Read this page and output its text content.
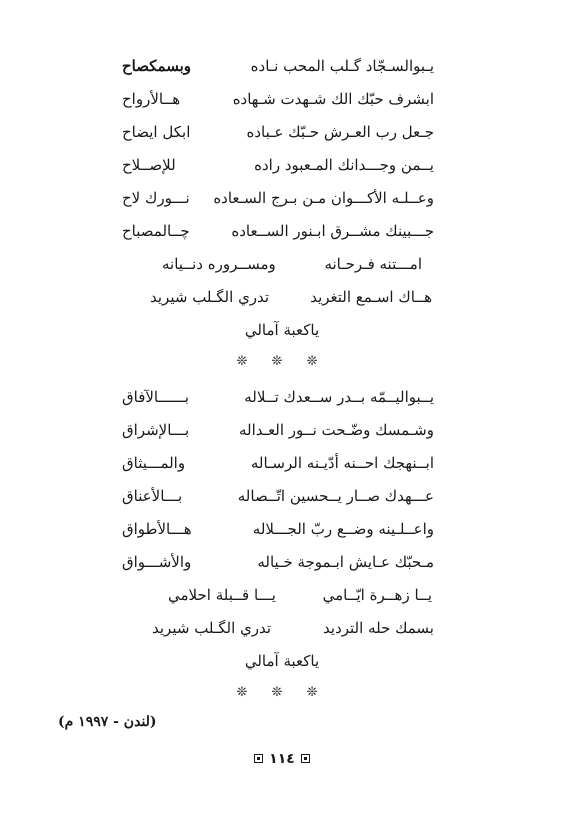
يـبوالسـجّاد گـلب المحب نـاده
وبسمكصاح
ابشرف حبّك الك شـهدت شـهاده
هــالأرواح
جـعل رب العـرش حـبّك عـباده
ابكل ايضاح
يــمن وجـــدانك المـعبود راده
للإصــلاح
وعــلـه الأكـــوان مـن بـرج السـعاده
نـــورك لاح
جـــبينك مشــرق ابـنور الســعاده
چــالمصباح
امـــتنه فـرحـانه
ومســروره دنــيانه
هــاك اسـمع التغريد
تدري الگـلب شيريد
ياكعبة آمالي
❊ ❊ ❊
يــبواليــمّه بــدر ســعدك تــلاله
بــــــالآفاق
وشـمسك وضّـحت نــور العـداله
بـــالإشراق
ابــنهجك احــنه أدّيـنه الرسـاله
والمـــيثاق
عـــهدك صــار يــحسين اتّــصاله
بـــالأعناق
واعــلـينه وضــع ربّ الجـــلاله
هـــالأطواق
مـحبّك عـايش ابـموجة خـياله
والأشـــواق
يــا زهــرة ايّــامي
يـــا قــبلة احلامي
بسمك حله الترديد
تدري الگـلب شيريد
ياكعبة آمالي
❊ ❊ ❊
(لندن - ١٩٩٧ م)
١١٤
